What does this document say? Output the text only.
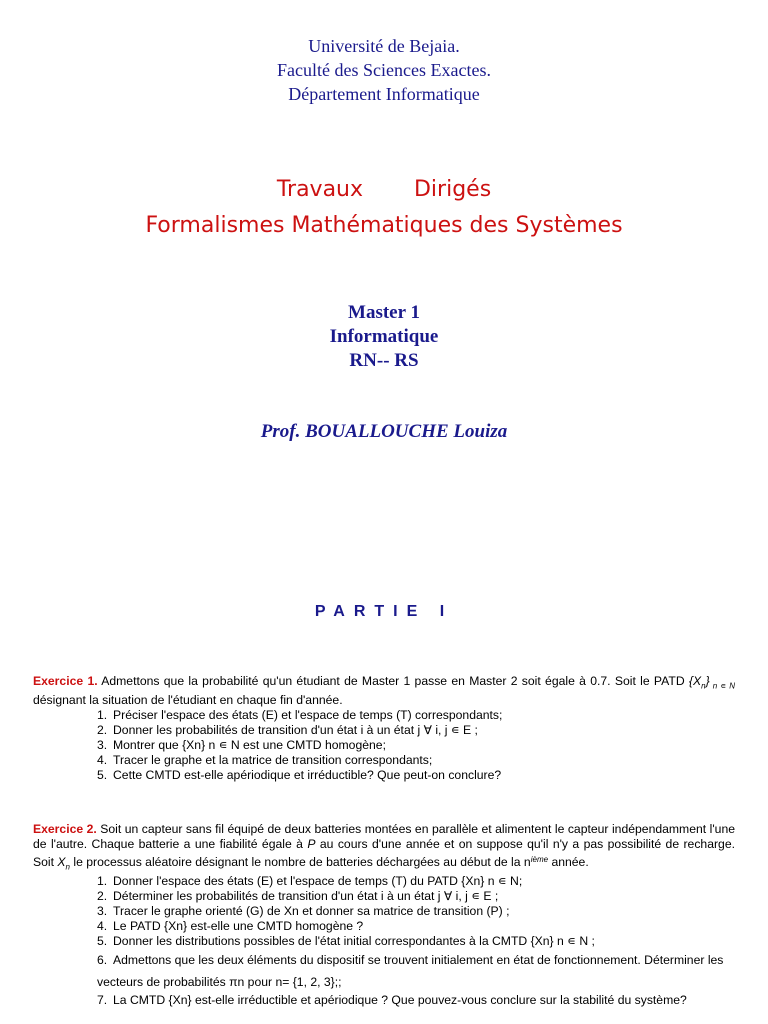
Université de Bejaia.
Faculté des Sciences Exactes.
Département Informatique
Travaux   Dirigés
Formalismes Mathématiques des Systèmes
Master 1
Informatique
RN-- RS
Prof. BOUALLOUCHE Louiza
PARTIE I
Exercice 1. Admettons que la probabilité qu'un étudiant de Master 1 passe en Master 2 soit égale à 0.7. Soit le PATD $\{X_n\}$ $_{n ∊ N}$ désignant la situation de l'étudiant en chaque fin d'année.
1. Préciser l'espace des états (E) et l'espace de temps (T) correspondants;
2. Donner les probabilités de transition d'un état i à un état j ∀ i, j ∊ E ;
3. Montrer que {Xn} n ∊ N est une CMTD homogène;
4. Tracer le graphe et la matrice de transition correspondants;
5. Cette CMTD est-elle apériodique et irréductible? Que peut-on conclure?
Exercice 2. Soit un capteur sans fil équipé de deux batteries montées en parallèle et alimentent le capteur indépendamment l'une de l'autre. Chaque batterie a une fiabilité égale à P au cours d'une année et on suppose qu'il n'y a pas possibilité de recharge. Soit $X_n$ le processus aléatoire désignant le nombre de batteries déchargées au début de la $n^{ième}$ année.
1. Donner l'espace des états (E) et l'espace de temps (T) du PATD {Xn} n ∊ N;
2. Déterminer les probabilités de transition d'un état i à un état j ∀ i, j ∊ E ;
3. Tracer le graphe orienté (G) de Xn et donner sa matrice de transition (P) ;
4. Le PATD {Xn} est-elle une CMTD homogène ?
5. Donner les distributions possibles de l'état initial correspondantes à la CMTD {Xn} n ∊ N ;
6. Admettons que les deux éléments du dispositif se trouvent initialement en état de fonctionnement. Déterminer les vecteurs de probabilités πn pour n= {1, 2, 3};;
7. La CMTD {Xn} est-elle irréductible et apériodique ? Que pouvez-vous conclure sur la stabilité du système?
